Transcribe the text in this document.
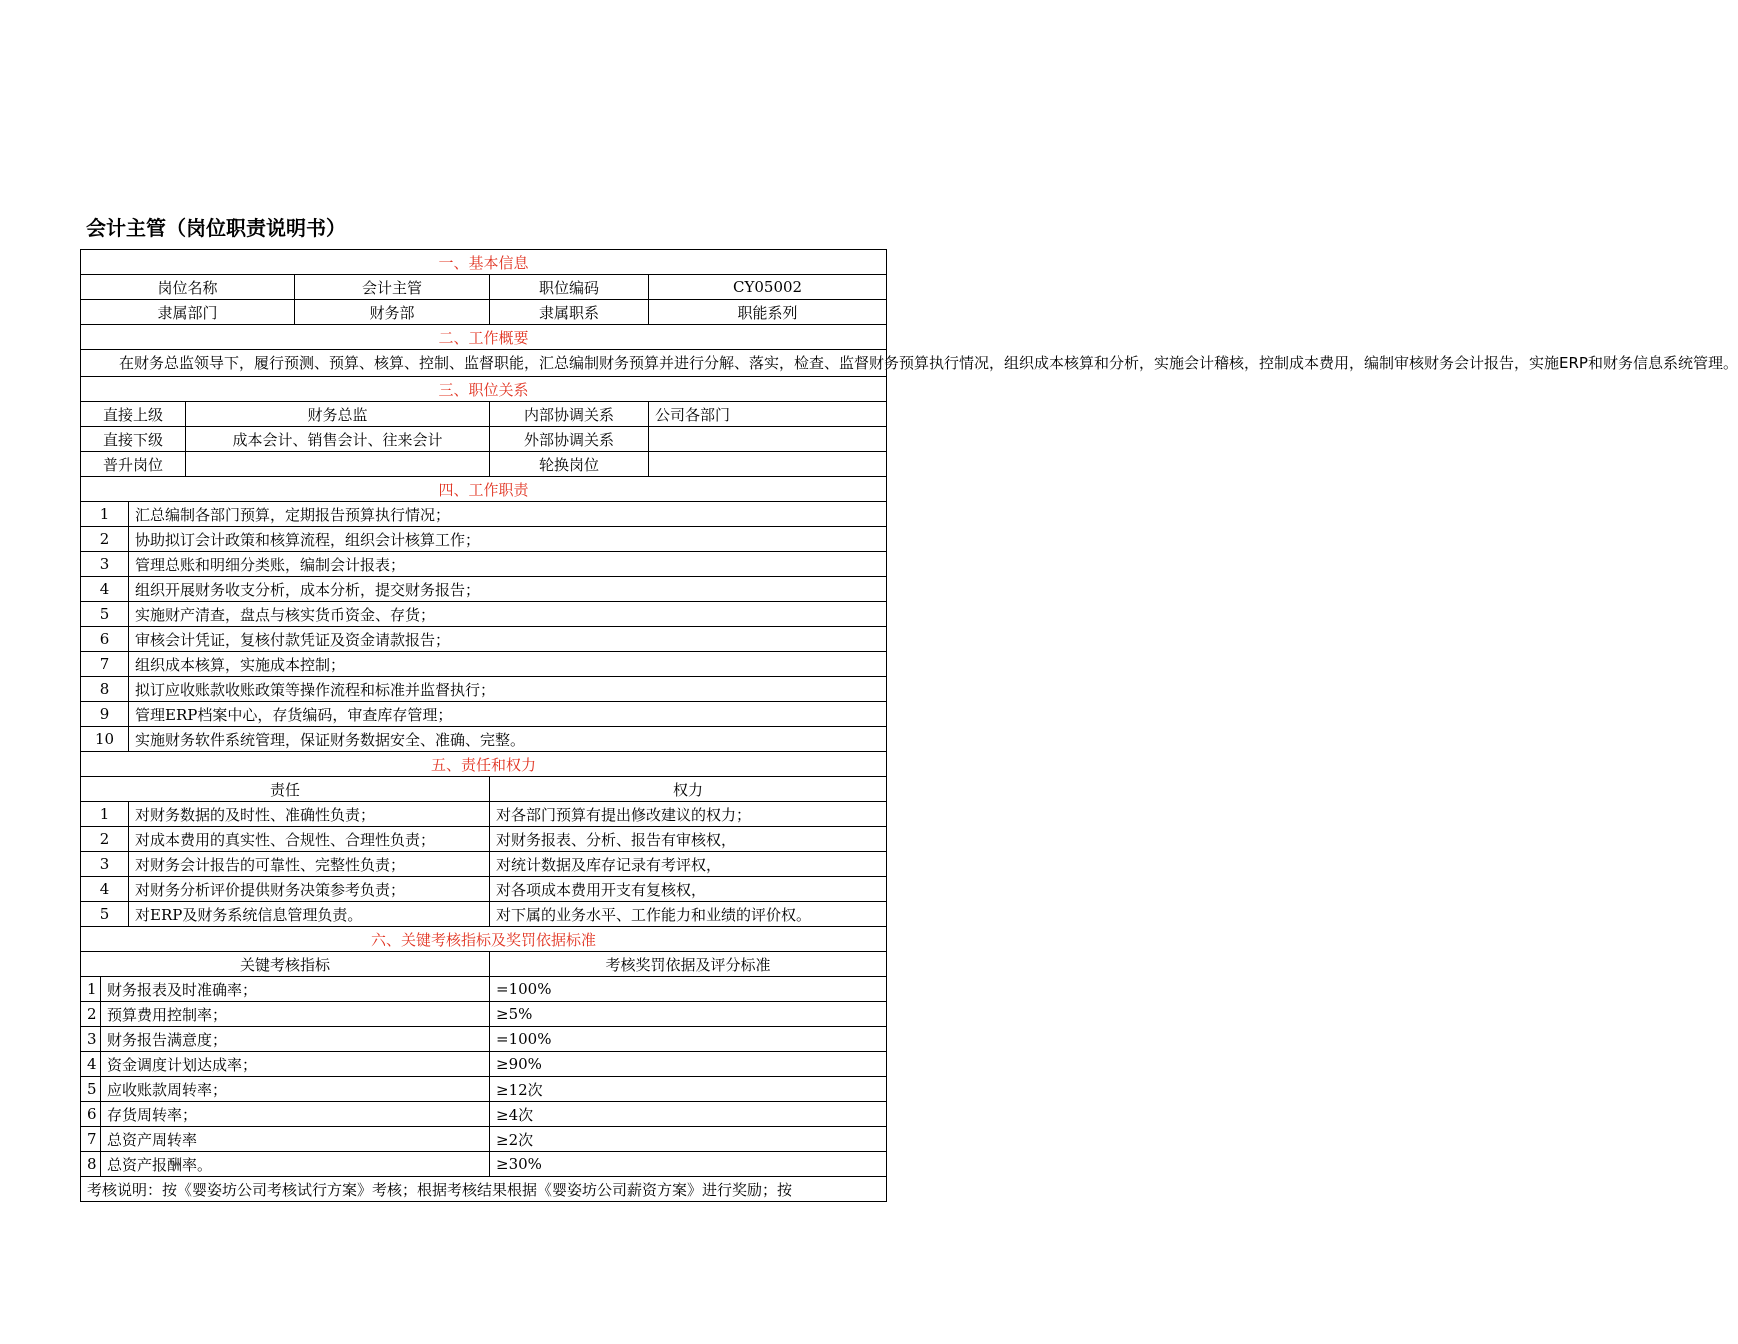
会计主管（岗位职责说明书）
一、基本信息						
岗位名称				会计主管	职位编码	CY05002
隶属部门				财务部	隶属职系	职能系列
二、工作概要						
在财务总监领导下，履行预测、预算、核算、控制、监督职能，汇总编制财务预算并进行分解、落实，检查、监督财务预算执行情况，组织成本核算和分析，实施会计稽核，控制成本费用，编制审核财务会计报告，实施ERP和财务信息系统管理。						
三、职位关系						
直接上级			财务总监		内部协调关系	公司各部门
直接下级			成本会计、销售会计、往来会计		外部协调关系	
普升岗位					轮换岗位	
四、工作职责						
1		汇总编制各部门预算，定期报告预算执行情况；				
2		协助拟订会计政策和核算流程，组织会计核算工作；				
3		管理总账和明细分类账，编制会计报表；				
4		组织开展财务收支分析，成本分析，提交财务报告；				
5		实施财产清查，盘点与核实货币资金、存货；				
6		审核会计凭证，复核付款凭证及资金请款报告；				
7		组织成本核算，实施成本控制；				
8		拟订应收账款收账政策等操作流程和标准并监督执行；				
9		管理ERP档案中心，存货编码，审查库存管理；				
10		实施财务软件系统管理，保证财务数据安全、准确、完整。				
五、责任和权力						
责任					权力	
1		对财务数据的及时性、准确性负责；			对各部门预算有提出修改建议的权力；	
2		对成本费用的真实性、合规性、合理性负责；			对财务报表、分析、报告有审核权，	
3		对财务会计报告的可靠性、完整性负责；			对统计数据及库存记录有考评权，	
4		对财务分析评价提供财务决策参考负责；			对各项成本费用开支有复核权，	
5		对ERP及财务系统信息管理负责。			对下属的业务水平、工作能力和业绩的评价权。	
六、关键考核指标及奖罚依据标准						
关键考核指标					考核奖罚依据及评分标准	
1	财务报表及时准确率；				=100%	
2	预算费用控制率；				≥5%	
3	财务报告满意度；				=100%	
4	资金调度计划达成率；				≥90%	
5	应收账款周转率；				≥12次	
6	存货周转率；				≥4次	
7	总资产周转率				≥2次	
8	总资产报酬率。				≥30%	
考核说明：按《婴姿坊公司考核试行方案》考核；根据考核结果根据《婴姿坊公司薪资方案》进行奖励；按						
